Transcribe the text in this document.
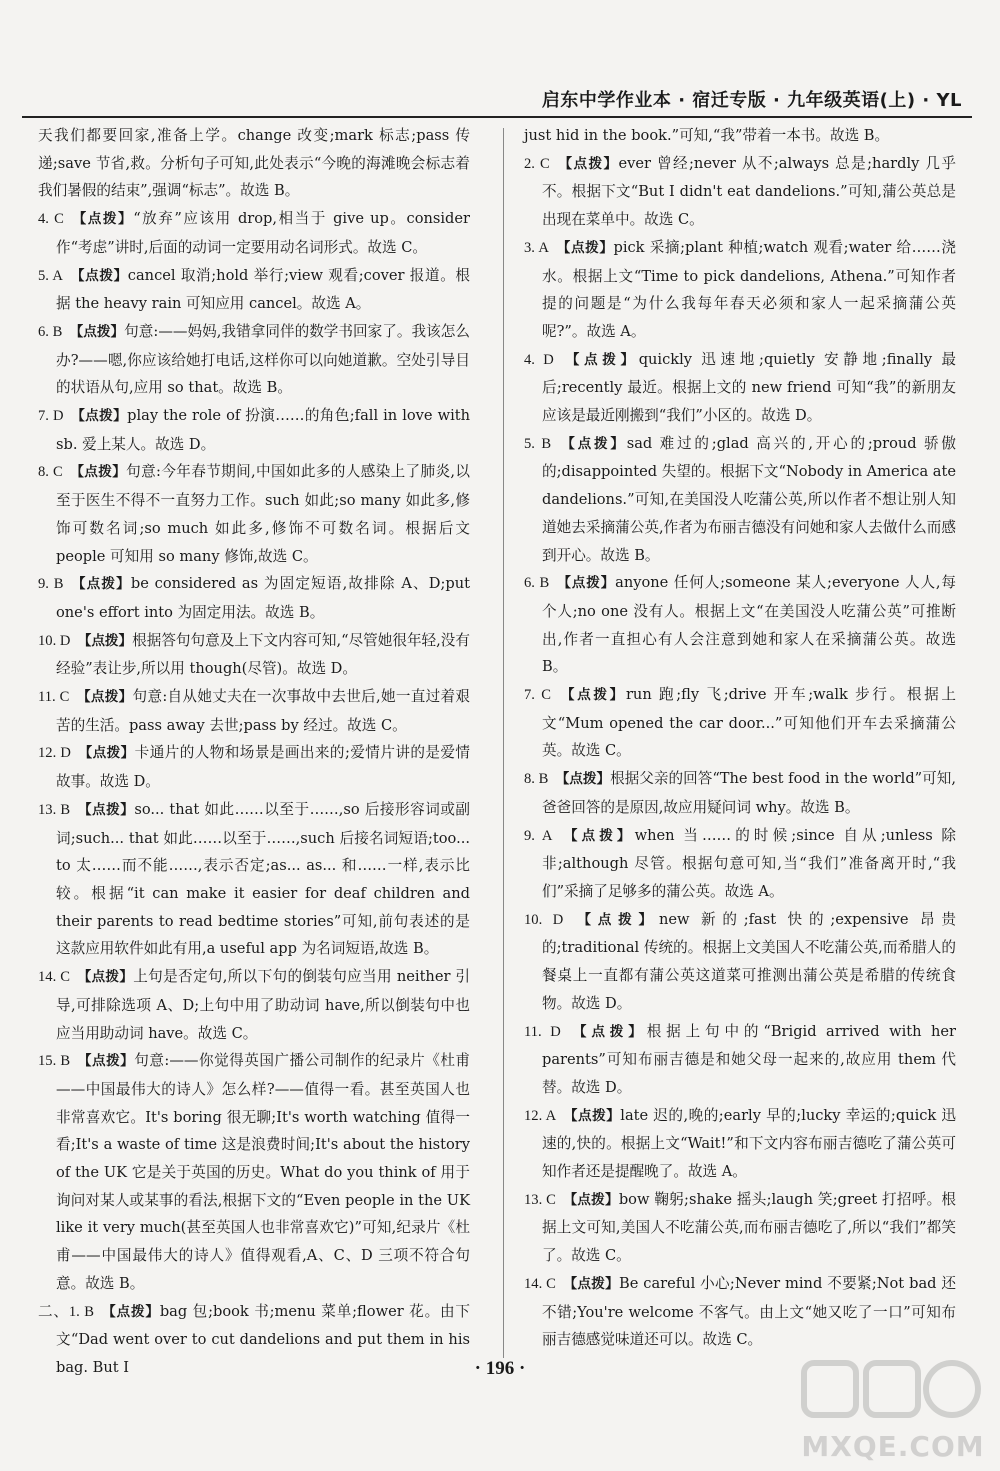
启东中学作业本 · 宿迁专版 · 九年级英语(上) · YL

天我们都要回家,准备上学。change 改变;mark 标志;pass 传递;save 节省,救。分析句子可知,此处表示“今晚的海滩晚会标志着我们暑假的结束”,强调“标志”。故选 B。

4. C  【点拨】“放弃”应该用 drop,相当于 give up。consider 作“考虑”讲时,后面的动词一定要用动名词形式。故选 C。

5. A  【点拨】cancel 取消;hold 举行;view 观看;cover 报道。根据 the heavy rain 可知应用 cancel。故选 A。

6. B  【点拨】句意:——妈妈,我错拿同伴的数学书回家了。我该怎么办?——嗯,你应该给她打电话,这样你可以向她道歉。空处引导目的状语从句,应用 so that。故选 B。

7. D  【点拨】play the role of 扮演……的角色;fall in love with sb. 爱上某人。故选 D。

8. C  【点拨】句意:今年春节期间,中国如此多的人感染上了肺炎,以至于医生不得不一直努力工作。such 如此;so many 如此多,修饰可数名词;so much 如此多,修饰不可数名词。根据后文 people 可知用 so many 修饰,故选 C。

9. B  【点拨】be considered as 为固定短语,故排除 A、D;put one's effort into 为固定用法。故选 B。

10. D  【点拨】根据答句句意及上下文内容可知,“尽管她很年轻,没有经验”表让步,所以用 though(尽管)。故选 D。

11. C  【点拨】句意:自从她丈夫在一次事故中去世后,她一直过着艰苦的生活。pass away 去世;pass by 经过。故选 C。

12. D  【点拨】卡通片的人物和场景是画出来的;爱情片讲的是爱情故事。故选 D。

13. B  【点拨】so... that 如此……以至于……,so 后接形容词或副词;such... that 如此……以至于……,such 后接名词短语;too... to 太……而不能……,表示否定;as... as... 和……一样,表示比较。根据“it can make it easier for deaf children and their parents to read bedtime stories”可知,前句表述的是这款应用软件如此有用,a useful app 为名词短语,故选 B。

14. C  【点拨】上句是否定句,所以下句的倒装句应当用 neither 引导,可排除选项 A、D;上句中用了助动词 have,所以倒装句中也应当用助动词 have。故选 C。

15. B  【点拨】句意:——你觉得英国广播公司制作的纪录片《杜甫——中国最伟大的诗人》怎么样?——值得一看。甚至英国人也非常喜欢它。It's boring 很无聊;It's worth watching 值得一看;It's a waste of time 这是浪费时间;It's about the history of the UK 它是关于英国的历史。What do you think of 用于询问对某人或某事的看法,根据下文的“Even people in the UK like it very much(甚至英国人也非常喜欢它)”可知,纪录片《杜甫——中国最伟大的诗人》值得观看,A、C、D 三项不符合句意。故选 B。

二、1. B  【点拨】bag 包;book 书;menu 菜单;flower 花。由下文“Dad went over to cut dandelions and put them in his bag. But I

just hid in the book.”可知,“我”带着一本书。故选 B。

2. C  【点拨】ever 曾经;never 从不;always 总是;hardly 几乎不。根据下文“But I didn't eat dandelions.”可知,蒲公英总是出现在菜单中。故选 C。

3. A  【点拨】pick 采摘;plant 种植;watch 观看;water 给……浇水。根据上文“Time to pick dandelions, Athena.”可知作者提的问题是“为什么我每年春天必须和家人一起采摘蒲公英呢?”。故选 A。

4. D  【点拨】quickly 迅速地;quietly 安静地;finally 最后;recently 最近。根据上文的 new friend 可知“我”的新朋友应该是最近刚搬到“我们”小区的。故选 D。

5. B  【点拨】sad 难过的;glad 高兴的,开心的;proud 骄傲的;disappointed 失望的。根据下文“Nobody in America ate dandelions.”可知,在美国没人吃蒲公英,所以作者不想让别人知道她去采摘蒲公英,作者为布丽吉德没有问她和家人去做什么而感到开心。故选 B。

6. B  【点拨】anyone 任何人;someone 某人;everyone 人人,每个人;no one 没有人。根据上文“在美国没人吃蒲公英”可推断出,作者一直担心有人会注意到她和家人在采摘蒲公英。故选 B。

7. C  【点拨】run 跑;fly 飞;drive 开车;walk 步行。根据上文“Mum opened the car door...”可知他们开车去采摘蒲公英。故选 C。

8. B  【点拨】根据父亲的回答“The best food in the world”可知,爸爸回答的是原因,故应用疑问词 why。故选 B。

9. A  【点拨】when 当……的时候;since 自从;unless 除非;although 尽管。根据句意可知,当“我们”准备离开时,“我们”采摘了足够多的蒲公英。故选 A。

10. D  【点拨】new 新的;fast 快的;expensive 昂贵的;traditional 传统的。根据上文美国人不吃蒲公英,而希腊人的餐桌上一直都有蒲公英这道菜可推测出蒲公英是希腊的传统食物。故选 D。

11. D  【点拨】根据上句中的“Brigid arrived with her parents”可知布丽吉德是和她父母一起来的,故应用 them 代替。故选 D。

12. A  【点拨】late 迟的,晚的;early 早的;lucky 幸运的;quick 迅速的,快的。根据上文“Wait!”和下文内容布丽吉德吃了蒲公英可知作者还是提醒晚了。故选 A。

13. C  【点拨】bow 鞠躬;shake 摇头;laugh 笑;greet 打招呼。根据上文可知,美国人不吃蒲公英,而布丽吉德吃了,所以“我们”都笑了。故选 C。

14. C  【点拨】Be careful 小心;Never mind 不要紧;Not bad 还不错;You're welcome 不客气。由上文“她又吃了一口”可知布丽吉德感觉味道还可以。故选 C。

· 196 ·
MXQE.COM
